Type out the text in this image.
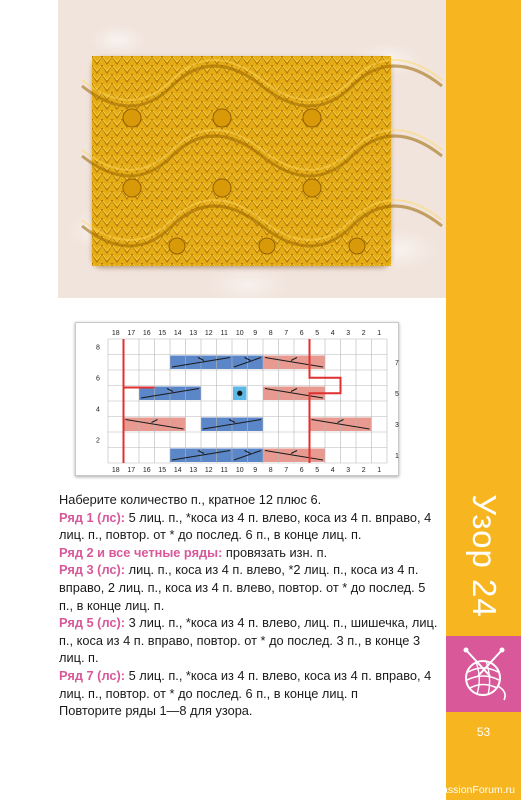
18
18
17
17
16
16
15
15
14
14
13
13
12
12
11
11
10
10
9
9
8
8
7
7
6
6
5
5
4
4
3
3
2
2
1
1
8
6
4
2
7
5
3
1

Наберите количество п., кратное 12 плюс 6.

Ряд 1 (лс): 5 лиц. п., *коса из 4 п. влево, коса из 4 п. вправо, 4 лиц. п., повтор. от * до послед. 6 п., в конце лиц. п.

Ряд 2 и все четные ряды: провязать изн. п.

Ряд 3 (лс): лиц. п., коса из 4 п. влево, *2 лиц. п., коса из 4 п. вправо, 2 лиц. п., коса из 4 п. влево, повтор. от * до послед. 5 п., в конце лиц. п.

Ряд 5 (лс): 3 лиц. п., *коса из 4 п. влево, лиц. п., шишечка, лиц. п., коса из 4 п. вправо, повтор. от * до послед. 3 п., в конце 3 лиц. п.

Ряд 7 (лс): 5 лиц. п., *коса из 4 п. влево, коса из 4 п. вправо, 4 лиц. п., повтор. от * до послед. 6 п., в конце лиц. п

Повторите ряды 1—8 для узора.

Узор 24
53
PassionForum.ru
